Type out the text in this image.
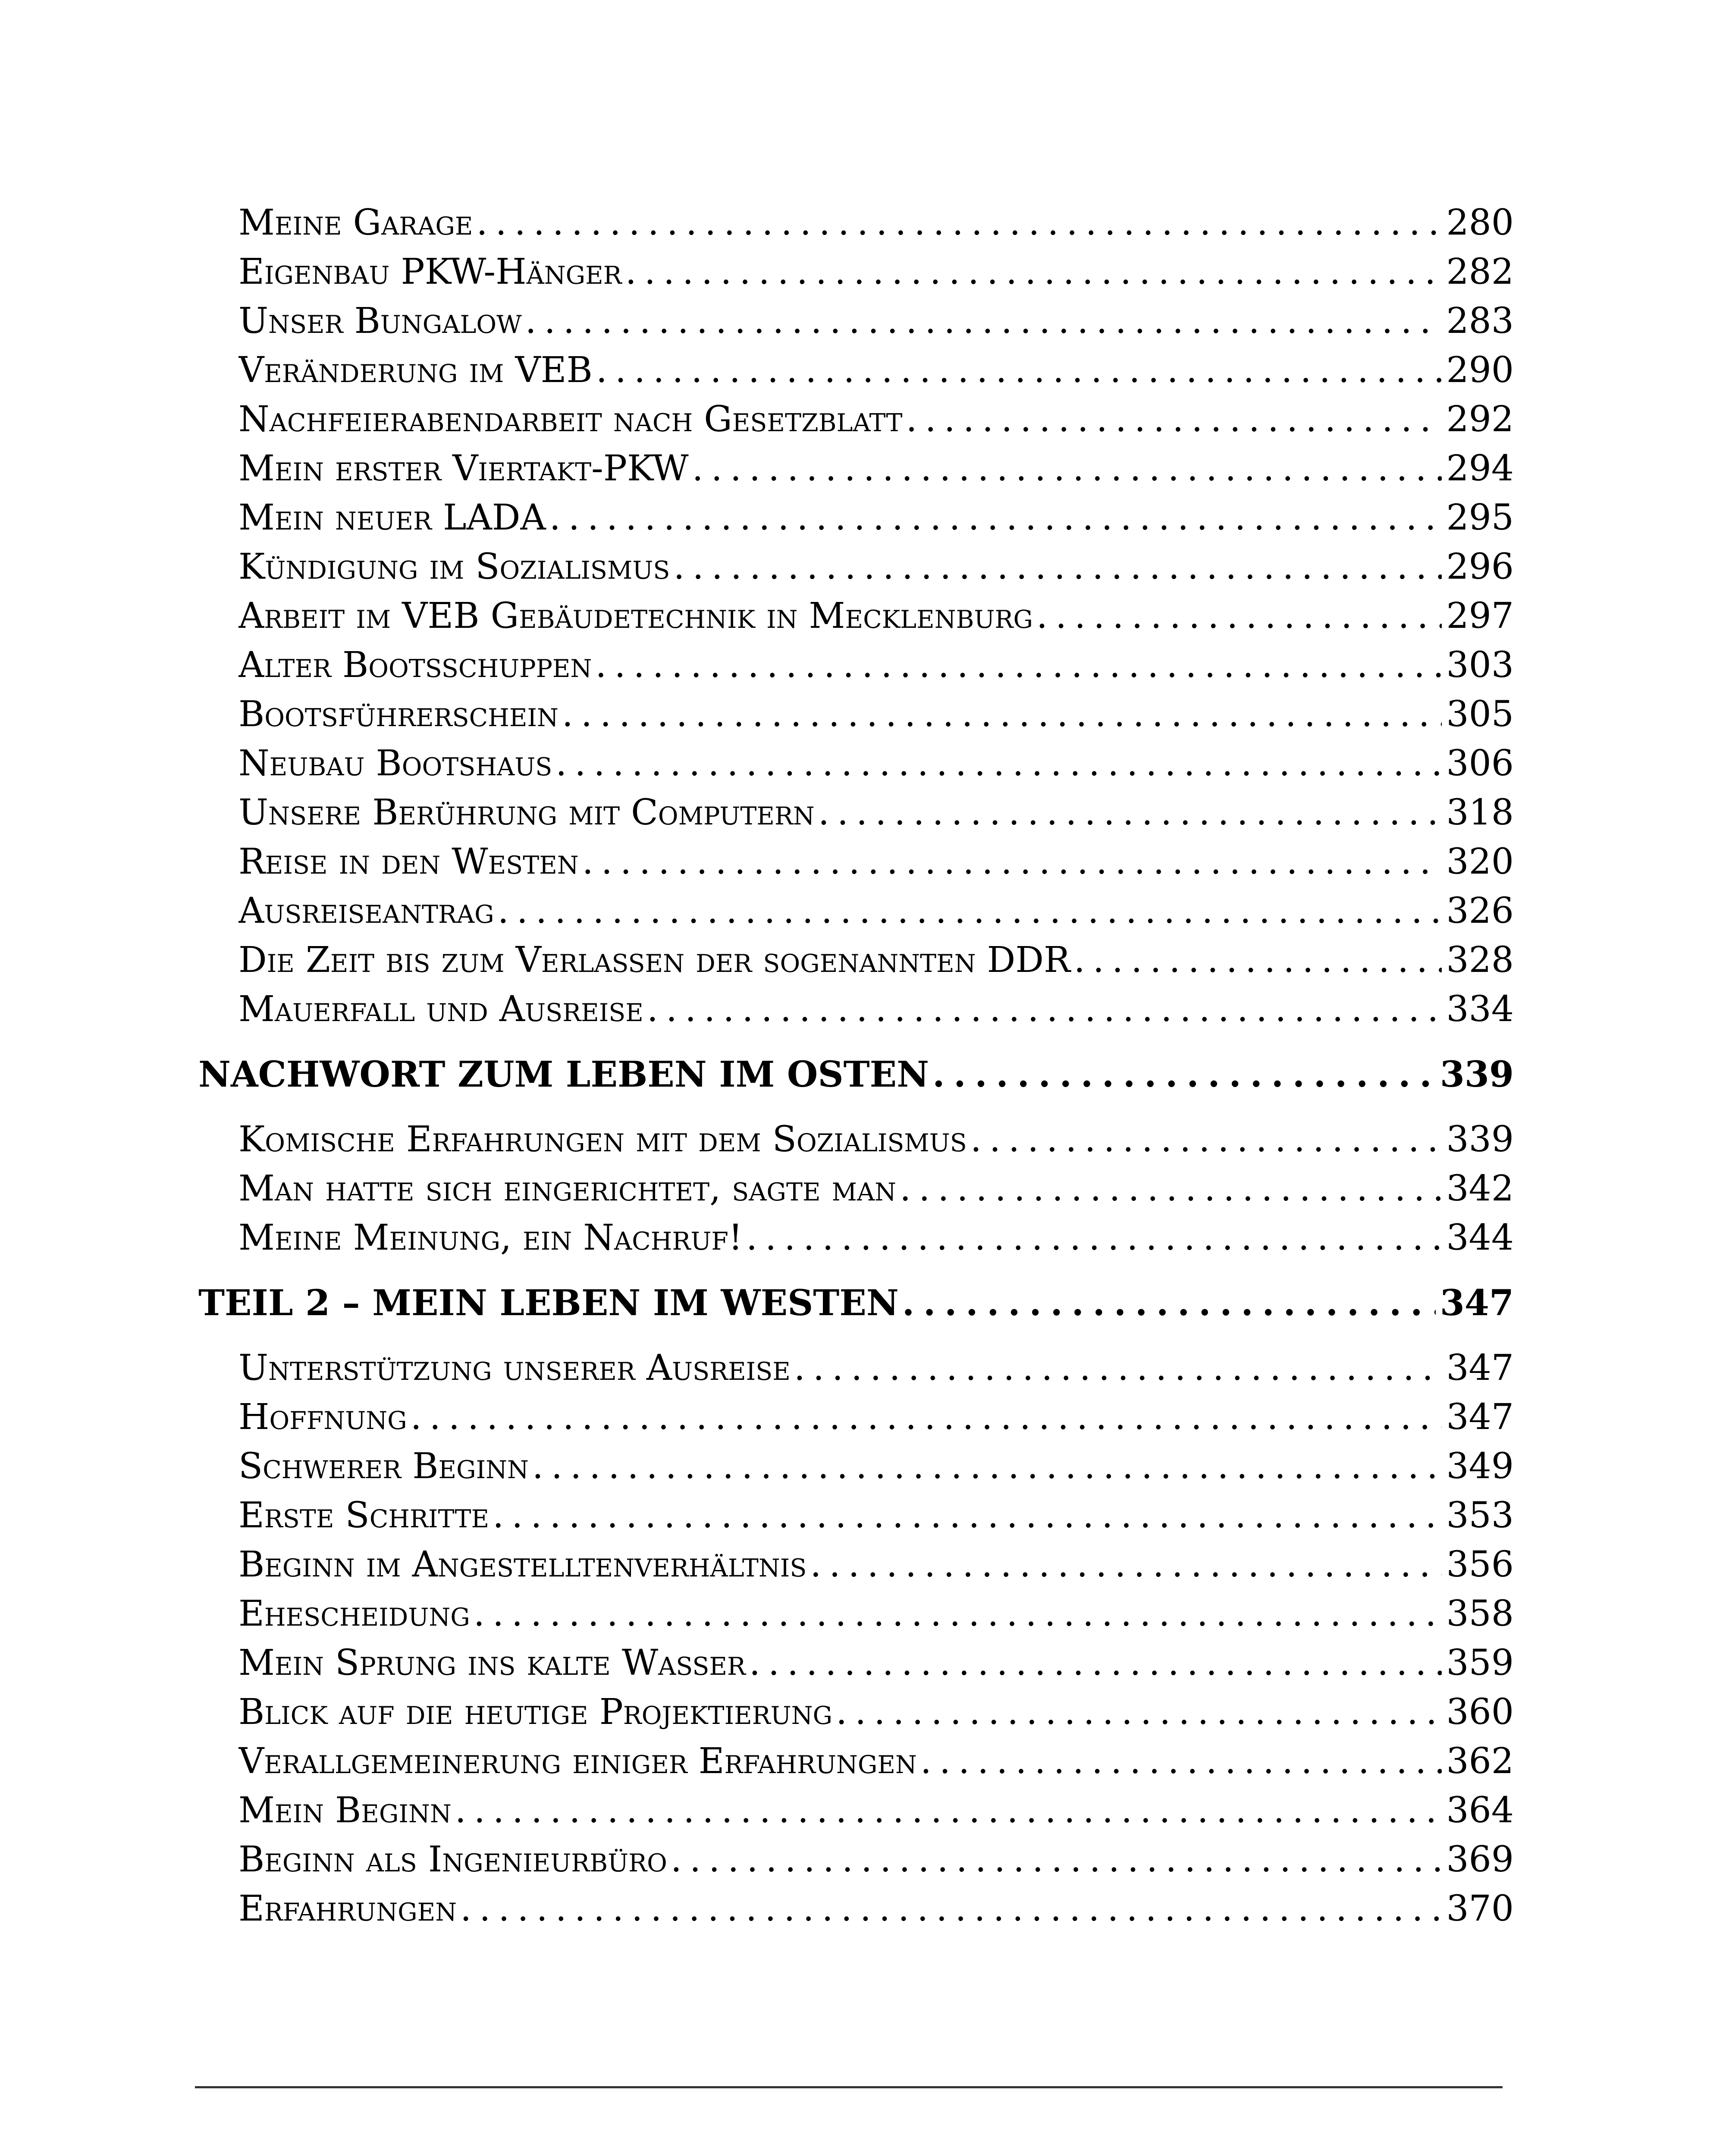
Meine Garage . . .	280
Eigenbau PKW-Hänger . . .	282
Unser Bungalow . . .	283
Veränderung im VEB . . .	290
Nachfeierabendarbeit nach Gesetzblatt . . .	292
Mein erster Viertakt-PKW . . .	294
Mein neuer LADA . . .	295
Kündigung im Sozialismus . . .	296
Arbeit im VEB Gebäudetechnik in Mecklenburg . . .	297
Alter Bootsschuppen . . .	303
Bootsführerschein . . .	305
Neubau Bootshaus . . .	306
Unsere Berührung mit Computern . . .	318
Reise in den Westen . . .	320
Ausreiseantrag . . .	326
Die Zeit bis zum Verlassen der sogenannten DDR . . .	328
Mauerfall und Ausreise . . .	334
NACHWORT ZUM LEBEN IM OSTEN . . .	339
Komische Erfahrungen mit dem Sozialismus . . .	339
Man hatte sich eingerichtet, sagte man . . .	342
Meine Meinung, ein Nachruf! . . .	344
TEIL 2 – MEIN LEBEN IM WESTEN . . .	347
Unterstützung unserer Ausreise . . .	347
Hoffnung . . .	347
Schwerer Beginn . . .	349
Erste Schritte . . .	353
Beginn im Angestelltenverhältnis . . .	356
Ehescheidung . . .	358
Mein Sprung ins kalte Wasser . . .	359
Blick auf die heutige Projektierung . . .	360
Verallgemeinerung einiger Erfahrungen . . .	362
Mein Beginn . . .	364
Beginn als Ingenieurbüro . . .	369
Erfahrungen . . .	370
